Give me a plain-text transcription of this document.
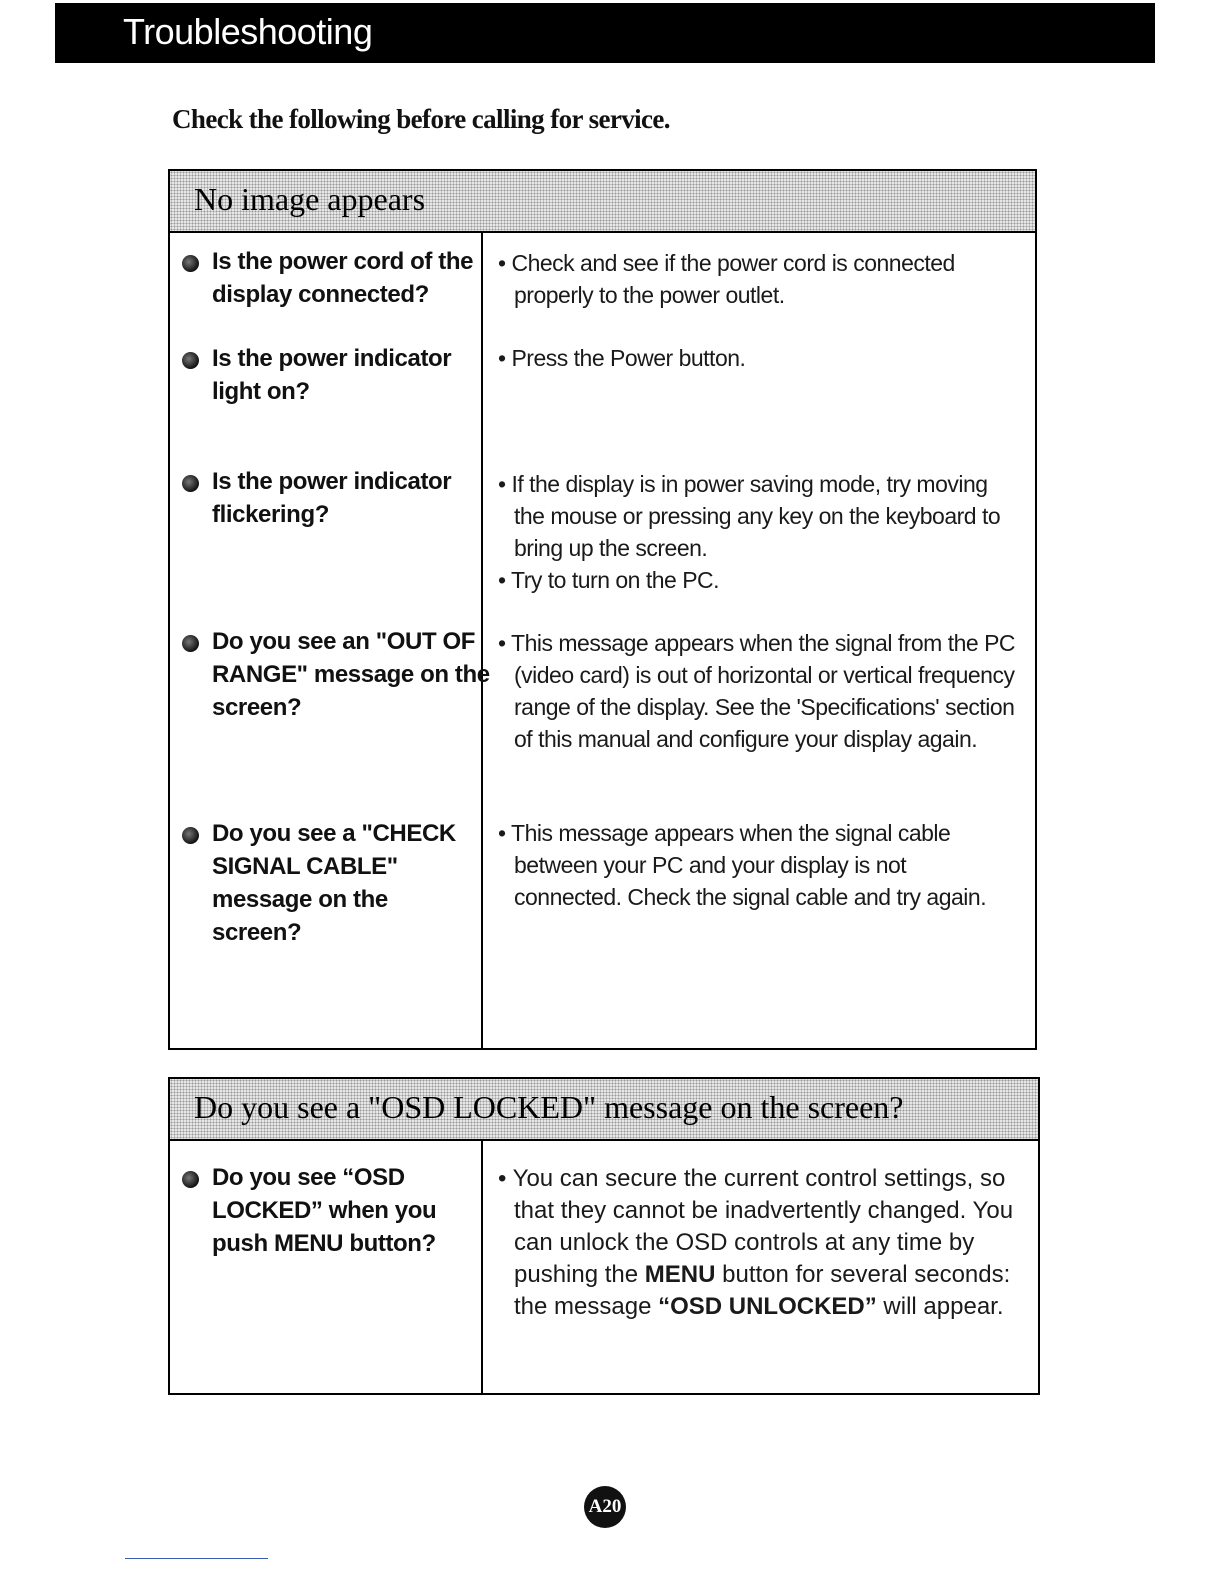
Troubleshooting
Check the following before calling for service.
No image appears
Is the power cord of the display connected?

• Check and see if the power cord is connected properly to the power outlet.

Is the power indicator light on?

• Press the Power button.

Is the power indicator flickering?

• If the display is in power saving mode, try moving the mouse or pressing any key on the keyboard to bring up the screen.

• Try to turn on the PC.

Do you see an "OUT OF RANGE" message on the screen?

• This message appears when the signal from the PC (video card) is out of horizontal or vertical frequency range of the display. See the 'Specifications' section of this manual and configure your display again.

Do you see a "CHECK SIGNAL CABLE" message on the screen?

• This message appears when the signal cable between your PC and your display is not connected. Check the signal cable and try again.

Do you see a "OSD LOCKED" message on the screen?
Do you see “OSD LOCKED” when you push MENU button?

• You can secure the current control settings, so that they cannot be inadvertently changed. You can unlock the OSD controls at any time by pushing the MENU button for several seconds: the message “OSD UNLOCKED” will appear.

A20
